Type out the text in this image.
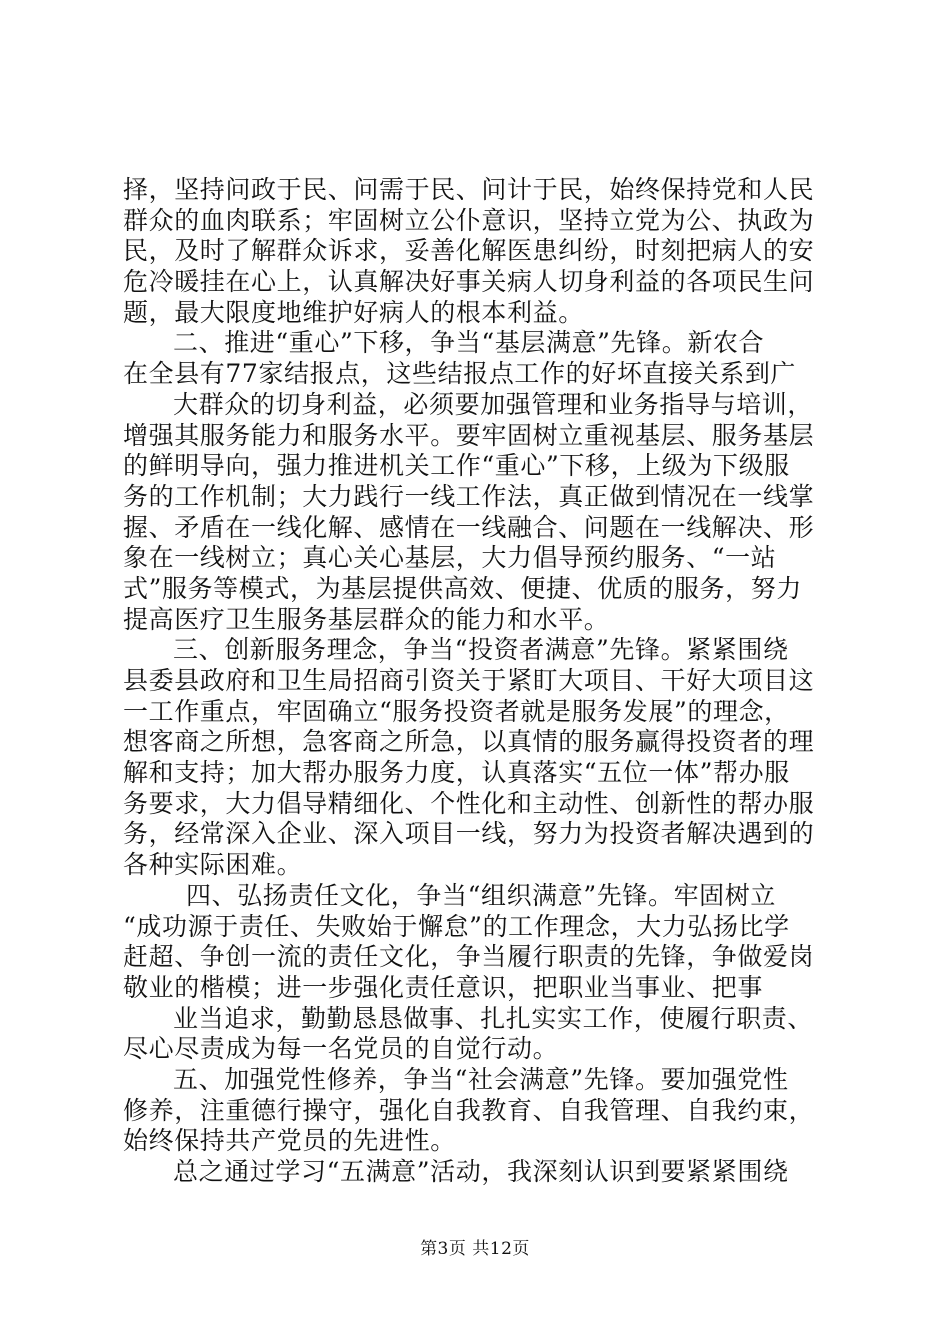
择，坚持问政于民、问需于民、问计于民，始终保持党和人民
群众的血肉联系；牢固树立公仆意识，坚持立党为公、执政为
民，及时了解群众诉求，妥善化解医患纠纷，时刻把病人的安
危冷暖挂在心上，认真解决好事关病人切身利益的各项民生问
题，最大限度地维护好病人的根本利益。
二、推进“重心”下移，争当“基层满意”先锋。新农合
在全县有77家结报点，这些结报点工作的好坏直接关系到广
大群众的切身利益，必须要加强管理和业务指导与培训，
增强其服务能力和服务水平。要牢固树立重视基层、服务基层
的鲜明导向，强力推进机关工作“重心”下移，上级为下级服
务的工作机制；大力践行一线工作法，真正做到情况在一线掌
握、矛盾在一线化解、感情在一线融合、问题在一线解决、形
象在一线树立；真心关心基层，大力倡导预约服务、“一站
式”服务等模式，为基层提供高效、便捷、优质的服务，努力
提高医疗卫生服务基层群众的能力和水平。
三、创新服务理念，争当“投资者满意”先锋。紧紧围绕
县委县政府和卫生局招商引资关于紧盯大项目、干好大项目这
一工作重点，牢固确立“服务投资者就是服务发展”的理念，
想客商之所想，急客商之所急，以真情的服务赢得投资者的理
解和支持；加大帮办服务力度，认真落实“五位一体”帮办服
务要求，大力倡导精细化、个性化和主动性、创新性的帮办服
务，经常深入企业、深入项目一线，努力为投资者解决遇到的
各种实际困难。
四、弘扬责任文化，争当“组织满意”先锋。牢固树立
“成功源于责任、失败始于懈怠”的工作理念，大力弘扬比学
赶超、争创一流的责任文化，争当履行职责的先锋，争做爱岗
敬业的楷模；进一步强化责任意识，把职业当事业、把事
业当追求，勤勤恳恳做事、扎扎实实工作，使履行职责、
尽心尽责成为每一名党员的自觉行动。
五、加强党性修养，争当“社会满意”先锋。要加强党性
修养，注重德行操守，强化自我教育、自我管理、自我约束，
始终保持共产党员的先进性。
总之通过学习“五满意”活动，我深刻认识到要紧紧围绕
第3页 共12页
